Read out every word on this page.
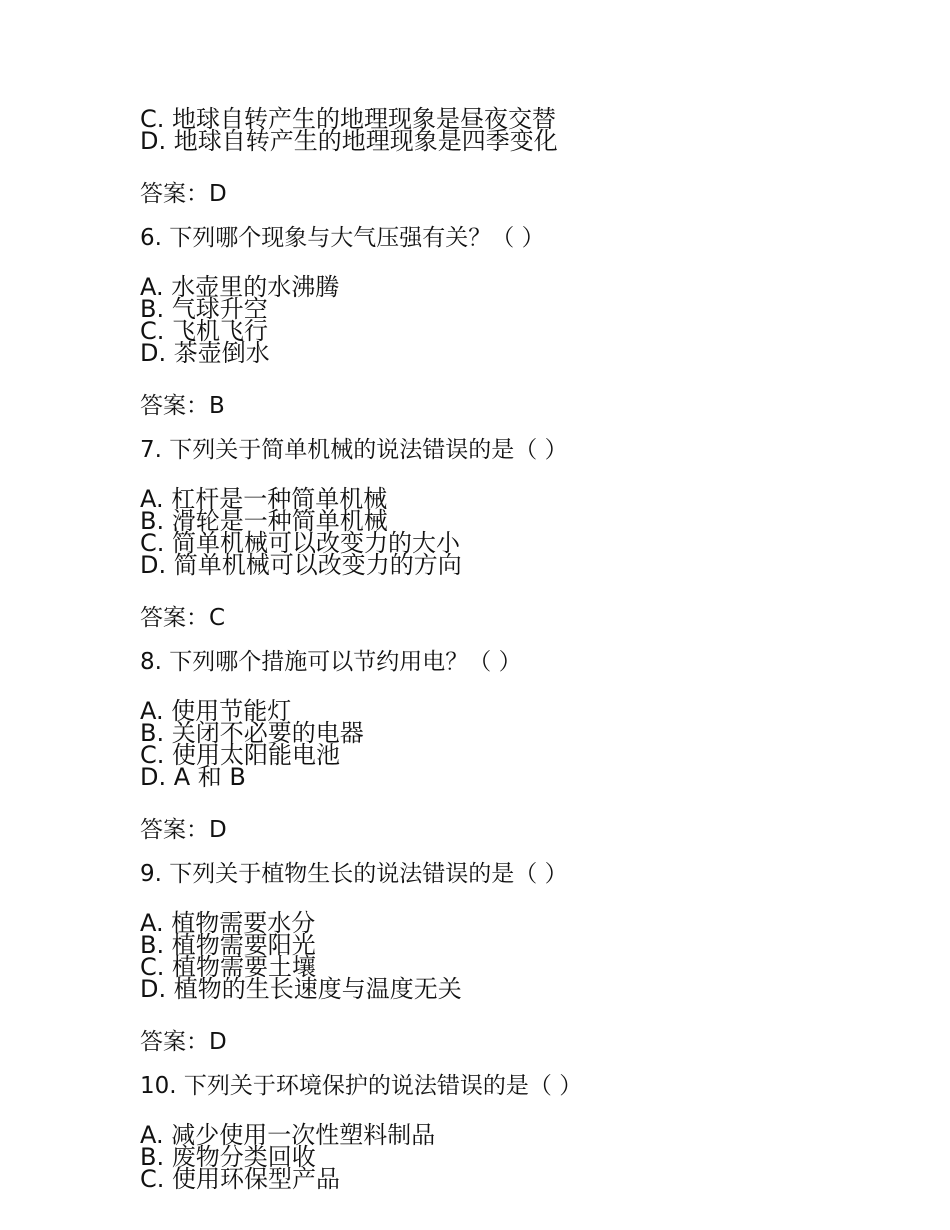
C. 地球自转产生的地理现象是昼夜交替
D. 地球自转产生的地理现象是四季变化
答案：D
6. 下列哪个现象与大气压强有关？（ ）
A. 水壶里的水沸腾
B. 气球升空
C. 飞机飞行
D. 茶壶倒水
答案：B
7. 下列关于简单机械的说法错误的是（ ）
A. 杠杆是一种简单机械
B. 滑轮是一种简单机械
C. 简单机械可以改变力的大小
D. 简单机械可以改变力的方向
答案：C
8. 下列哪个措施可以节约用电？（ ）
A. 使用节能灯
B. 关闭不必要的电器
C. 使用太阳能电池
D. A 和 B
答案：D
9. 下列关于植物生长的说法错误的是（ ）
A. 植物需要水分
B. 植物需要阳光
C. 植物需要土壤
D. 植物的生长速度与温度无关
答案：D
10. 下列关于环境保护的说法错误的是（ ）
A. 减少使用一次性塑料制品
B. 废物分类回收
C. 使用环保型产品
